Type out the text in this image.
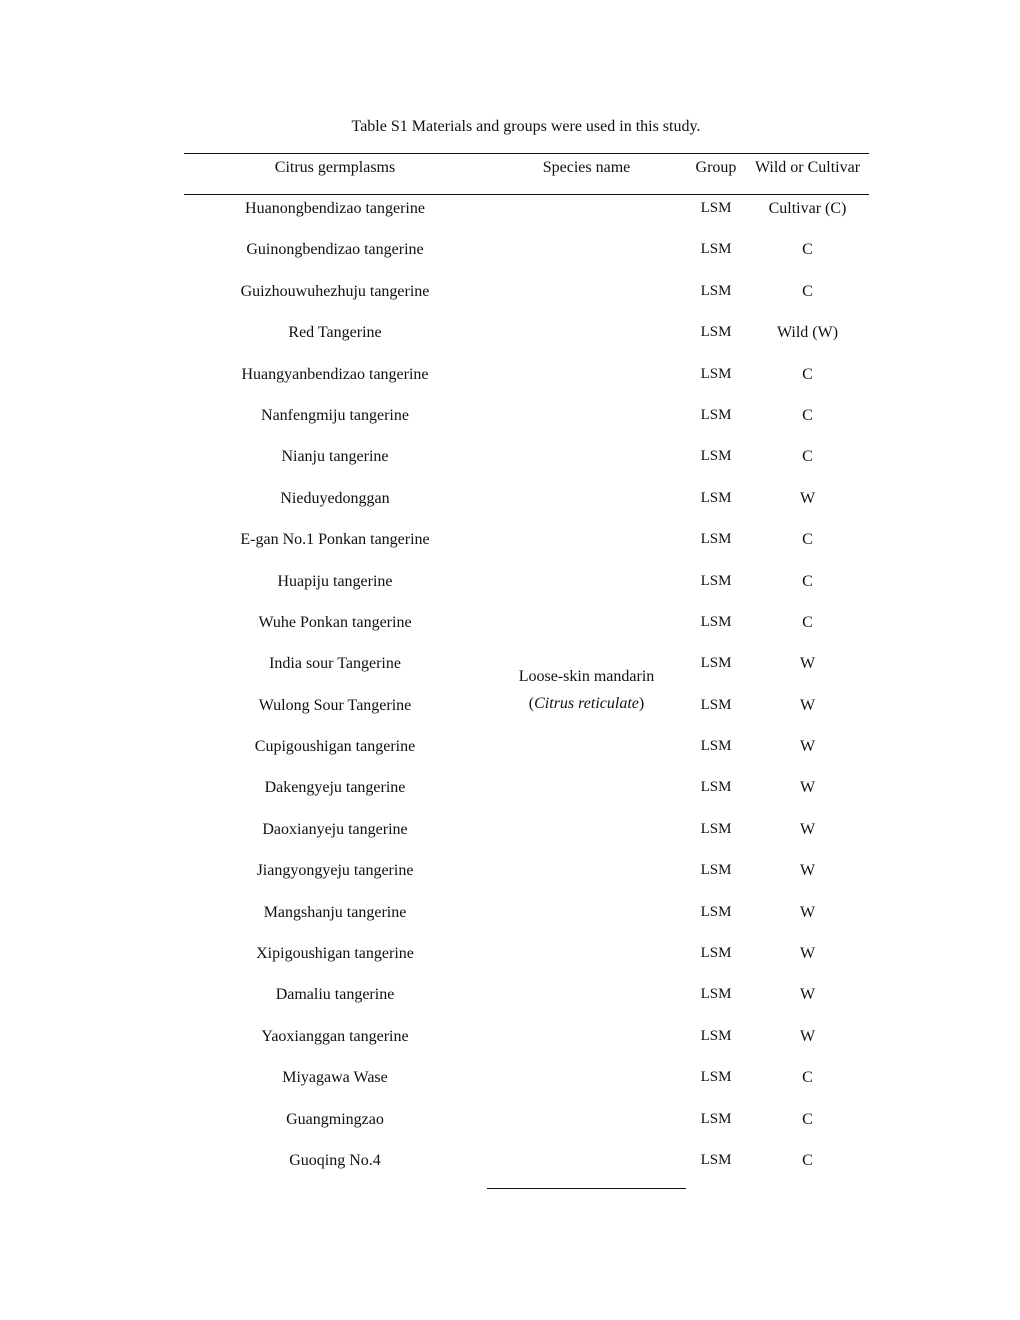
Table S1 Materials and groups were used in this study.
Citrus germplasms	Species name	Group	Wild or Cultivar
Loose-skin mandarin
(Citrus reticulate)
Huanongbendizao tangerine	LSM	Cultivar (C)
Guinongbendizao tangerine	LSM	C
Guizhouwuhezhuju tangerine	LSM	C
Red Tangerine	LSM	Wild (W)
Huangyanbendizao tangerine	LSM	C
Nanfengmiju tangerine	LSM	C
Nianju tangerine	LSM	C
Nieduyedonggan	LSM	W
E-gan No.1 Ponkan tangerine	LSM	C
Huapiju tangerine	LSM	C
Wuhe Ponkan tangerine	LSM	C
India sour Tangerine	LSM	W
Wulong Sour Tangerine	LSM	W
Cupigoushigan tangerine	LSM	W
Dakengyeju tangerine	LSM	W
Daoxianyeju tangerine	LSM	W
Jiangyongyeju tangerine	LSM	W
Mangshanju tangerine	LSM	W
Xipigoushigan tangerine	LSM	W
Damaliu tangerine	LSM	W
Yaoxianggan tangerine	LSM	W
Miyagawa Wase	LSM	C
Guangmingzao	LSM	C
Guoqing No.4	LSM	C
